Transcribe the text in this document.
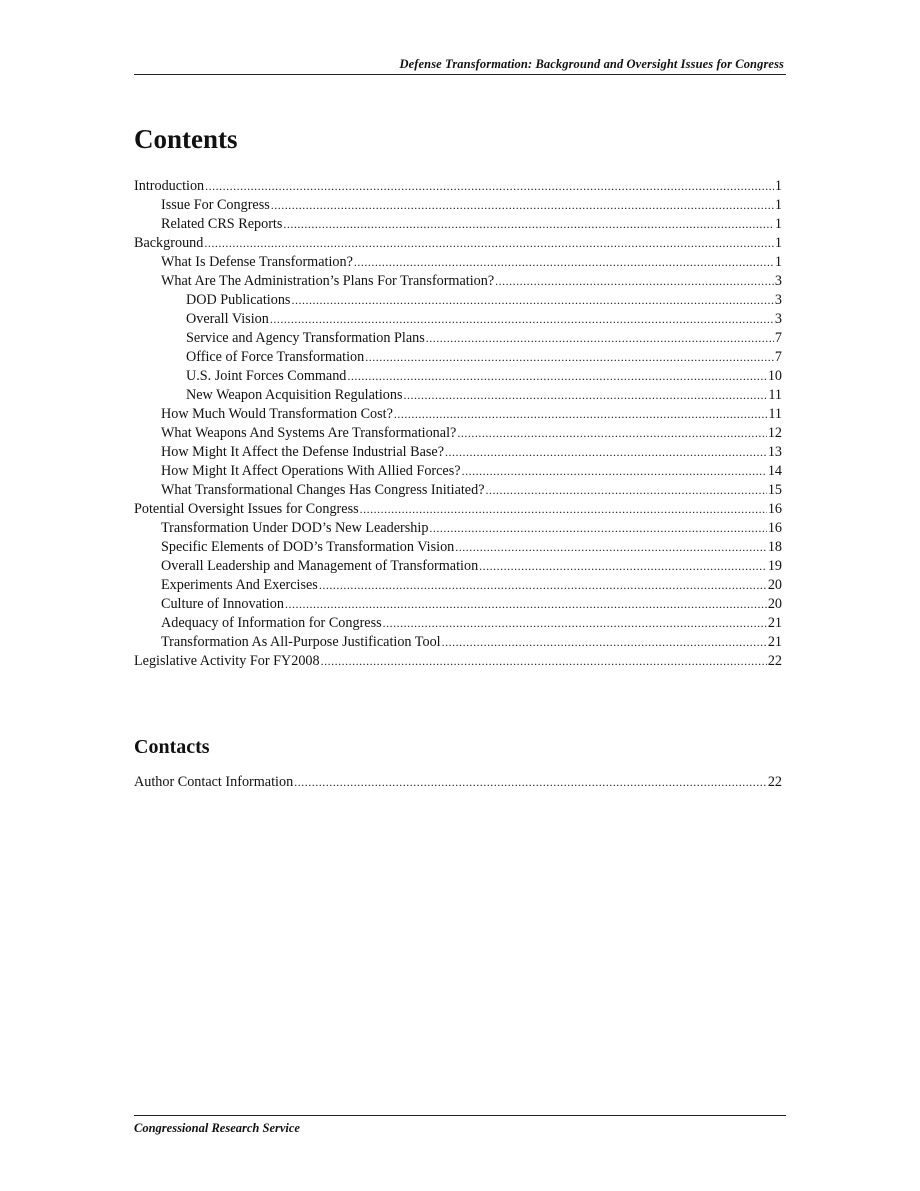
Defense Transformation: Background and Oversight Issues for Congress
Contents
Introduction .....	1
Issue For Congress .....	1
Related CRS Reports .....	1
Background .....	1
What Is Defense Transformation? .....	1
What Are The Administration’s Plans For Transformation? .....	3
DOD Publications .....	3
Overall Vision .....	3
Service and Agency Transformation Plans .....	7
Office of Force Transformation .....	7
U.S. Joint Forces Command .....	10
New Weapon Acquisition Regulations .....	11
How Much Would Transformation Cost? .....	11
What Weapons And Systems Are Transformational? .....	12
How Might It Affect the Defense Industrial Base? .....	13
How Might It Affect Operations With Allied Forces? .....	14
What Transformational Changes Has Congress Initiated? .....	15
Potential Oversight Issues for Congress .....	16
Transformation Under DOD’s New Leadership .....	16
Specific Elements of DOD’s Transformation Vision .....	18
Overall Leadership and Management of Transformation .....	19
Experiments And Exercises .....	20
Culture of Innovation .....	20
Adequacy of Information for Congress .....	21
Transformation As All-Purpose Justification Tool .....	21
Legislative Activity For FY2008 .....	22
Contacts
Author Contact Information .....	22
Congressional Research Service
